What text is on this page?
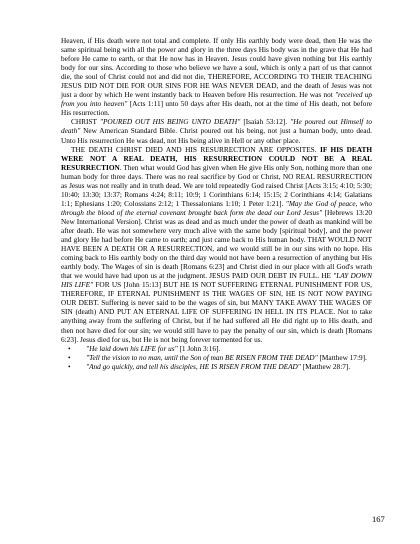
Heaven, if His death were not total and complete. If only His earthly body were dead, then He was the same spiritual being with all the power and glory in the three days His body was in the grave that He had before He came to earth, or that He now has in Heaven. Jesus could have given nothing but His earthly body for our sins. According to those who believe we have a soul, which is only a part of us that cannot die, the soul of Christ could not and did not die, THEREFORE, ACCORDING TO THEIR TEACHING JESUS DID NOT DIE FOR OUR SINS FOR HE WAS NEVER DEAD, and the death of Jesus was not just a door by which He went instantly back to Heaven before His resurrection. He was not "received up from you into heaven" [Acts 1:11] unto 50 days after His death, not at the time of His death, not before His resurrection.

CHRIST "POURED OUT HIS BEING UNTO DEATH" [Isaiah 53:12]. "He poured out Himself to death" New American Standard Bible. Christ poured out his being, not just a human body, unto dead. Unto His resurrection He was dead, not His being alive in Hell or any other place.

THE DEATH CHRIST DIED AND HIS RESURRECTION ARE OPPOSITES. IF HIS DEATH WERE NOT A REAL DEATH, HIS RESURRECTION COULD NOT BE A REAL RESURRECTION. Then what would God has given when He give His only Son, nothing more than one human body for three days. There was no real sacrifice by God or Christ, NO REAL RESURRECTION as Jesus was not really and in truth dead. We are told repeatedly God raised Christ [Acts 3:15; 4:10; 5:30; 10:40; 13:30; 13:37; Romans 4:24; 8:11; 10:9; 1 Corinthians 6:14; 15:15; 2 Corinthians 4:14; Galatians 1:1; Ephesians 1:20; Colossians 2:12; 1 Thessalonians 1:10; 1 Peter 1:21]. "May the God of peace, who through the blood of the eternal covenant brought back form the dead our Lord Jesus" [Hebrews 13:20 New International Version]. Christ was as dead and as much under the power of death as mankind will be after death. He was not somewhere very much alive with the same body [spiritual body], and the power and glory He had before He came to earth; and just came back to His human body. THAT WOULD NOT HAVE BEEN A DEATH OR A RESURRECTION, and we would still be in our sins with no hope. His coming back to His earthly body on the third day would not have been a resurrection of anything but His earthly body. The Wages of sin is death [Romans 6:23] and Christ died in our place with all God's wrath that we would have had upon us at the judgment. JESUS PAID OUR DEBT IN FULL. HE "LAY DOWN HIS LIFE" FOR US [John 15:13] BUT HE IS NOT SUFFERING ETERNAL PUNISHMENT FOR US, THEREFORE, IF ETERNAL PUNISHMENT IS THE WAGES OF SIN, HE IS NOT NOW PAYING OUR DEBT. Suffering is never said to be the wages of sin, but MANY TAKE AWAY THE WAGES OF SIN (death) AND PUT AN ETERNAL LIFE OF SUFFERING IN HELL IN ITS PLACE. Not to take anything away from the suffering of Christ, but if he had suffered all He did right up to His death, and then not have died for our sin; we would still have to pay the penalty of our sin, which is death [Romans 6:23]. Jesus died for us, but He is not being forever tormented for us.

• "He laid down his LIFE for us" [1 John 3:16].
• "Tell the vision to no man, until the Son of man BE RISEN FROM THE DEAD" [Matthew 17:9].
• "And go quickly, and tell his disciples, HE IS RISEN FROM THE DEAD" [Matthew 28:7].
167
